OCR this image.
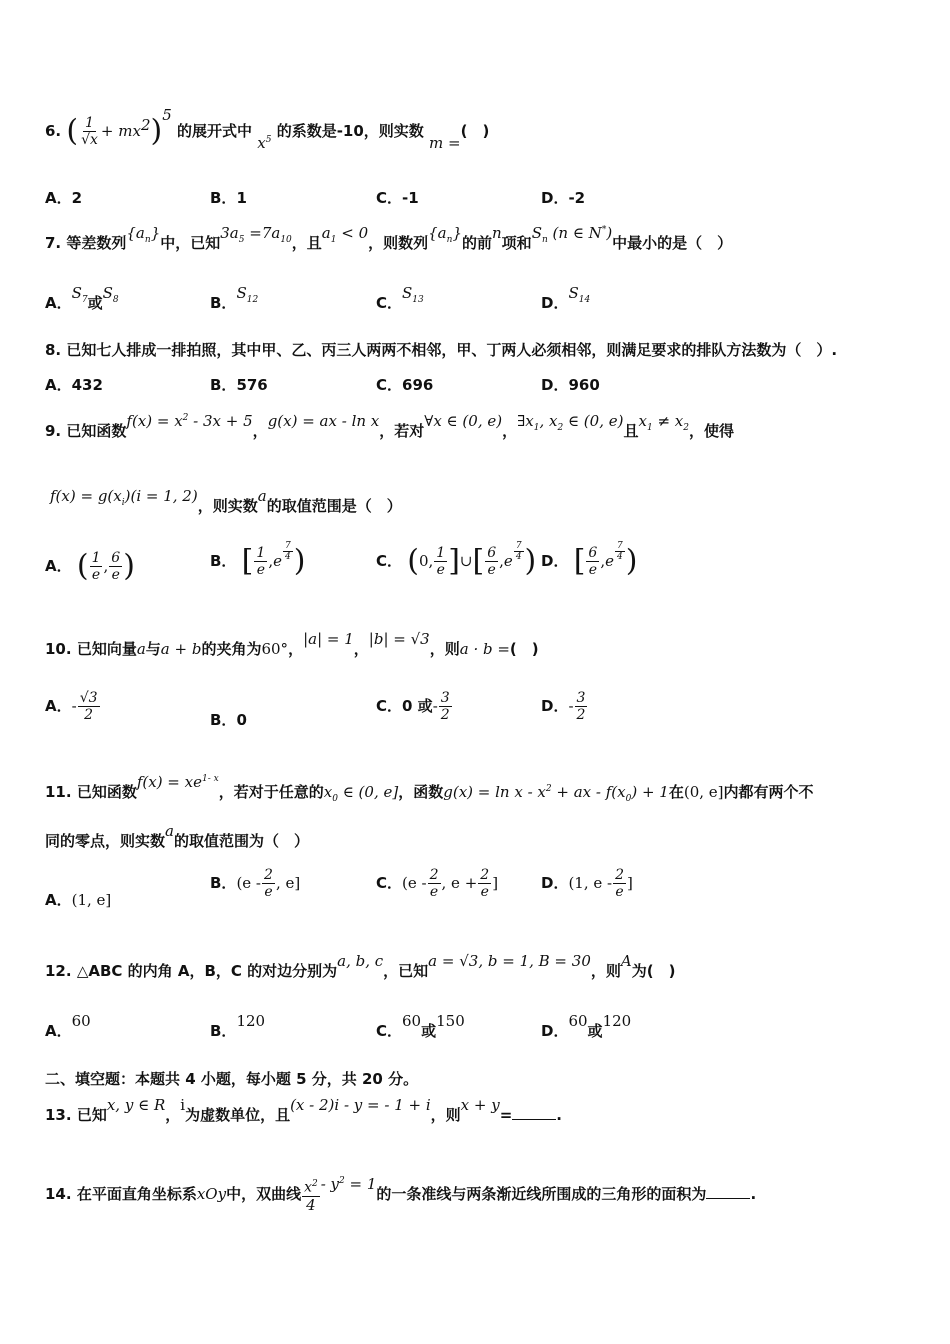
6. ( $\frac{1}{√x} + mx^2)^5$ 的展开式中 $x^5$ 的系数是-10，则实数 m =(　)
A．2	B．1	C．-1	D．-2
7. 等差数列$\{a_n\}$中，已知$3a_5 =7a_{10}$，且$a_1 < 0$，则数列$\{a_n\}$的前n项和$S_n$ (n ∈ N*)中最小的是（　）
A．$S_7$或$S_8$	B．$S_{12}$	C．$S_{13}$	D．$S_{14}$
8. 已知七人排成一排拍照，其中甲、乙、丙三人两两不相邻，甲、丁两人必须相邻，则满足要求的排队方法数为（　）.
A．432	B．576	C．696	D．960
9. 已知函数$f(x) = x^2 - 3x + 5$，g(x) = ax - ln x，若对∀x ∈ (0, e)，$\exists x_1$, $x_2$ ∈ (0, e)且$x_1 \ne x_2$，使得
$f(x) = g(x_i)(i = 1$, 2)，则实数a的取值范围是（　）
A． ( $\frac{1}{e}$ , $\frac{6}{e}$ )	B． [ $\frac{1}{e} ,e$ $^{\frac{7}{4}}$ )	C． (0, $\frac{1}{e}$ ]∪[ $\frac{6}{e} ,e$ $^{\frac{7}{4}}$ ) D． [ $\frac{6}{e} ,e$ $^{\frac{7}{4}}$ )
10. 已知向量a与a + b的夹角为60°，|a| = 1，|b| = √3，则a · b =(　)
A．- $\frac{√3}{2}$	B．0
C．0 或- $\frac{3}{2}$	D．- $\frac{3}{2}$
11. 已知函数$f(x) = xe^{1- x}$，若对于任意的$x_0$ ∈ (0, e]，函数$g(x) = \ln x - x^2$ + ax - $f(x_0) + 1$在(0, e]内都有两个不
同的零点，则实数a的取值范围为（　）
A．(1, e]
B．($e - \frac{2}{e}$ , e]	C．($e - \frac{2}{e}$ , $e + \frac{2}{e}$ ]	D．(1, e - $\frac{2}{e}$ ]
12. △ABC 的内角 A，B，C 的对边分别为a, b, c，已知a = √3, b = 1, B = 30，则A为(　)
A．60
B．120
C．60或150
D．60或120
二、填空题：本题共 4 小题，每小题 5 分，共 20 分。
13. 已知x, y ∈ R，i为虚数单位，且(x - 2)i - y = - 1 + i，则x + y=	.
14. 在平面直角坐标系xOy中，双曲线 $\frac{x^2}{4} - y^2 = 1$的一条准线与两条渐近线所围成的三角形的面积为	.
